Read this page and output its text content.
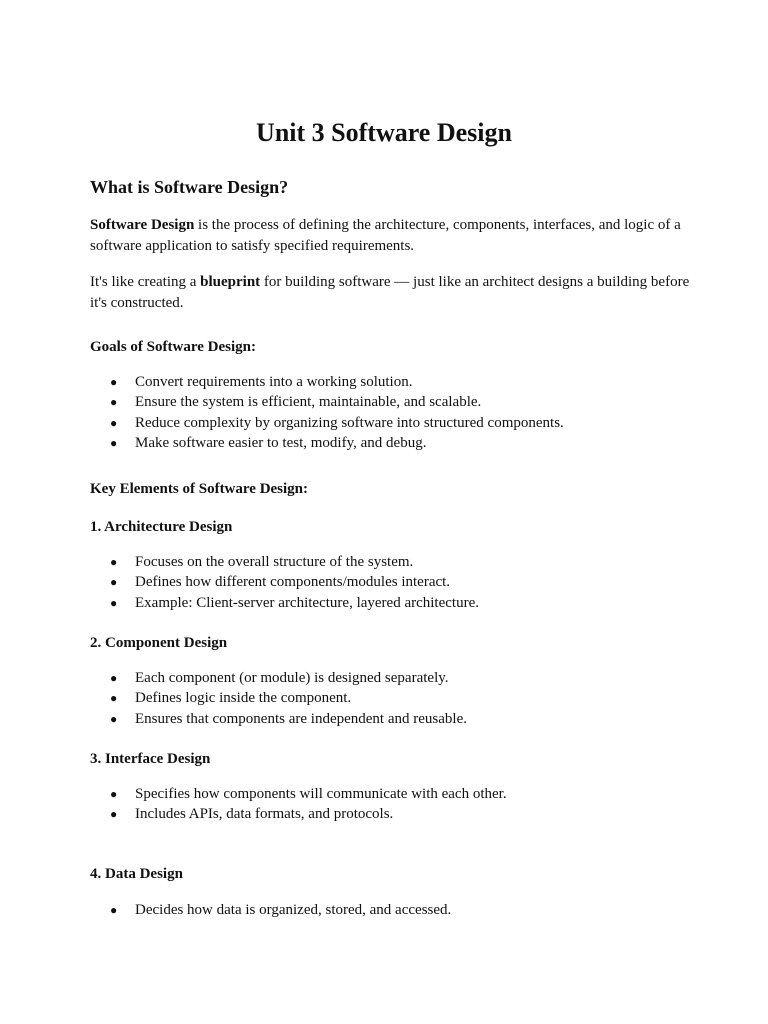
Unit 3 Software Design
What is Software Design?

Software Design is the process of defining the architecture, components, interfaces, and logic of a software application to satisfy specified requirements.

It's like creating a blueprint for building software — just like an architect designs a building before it's constructed.

Goals of Software Design:

● Convert requirements into a working solution.
● Ensure the system is efficient, maintainable, and scalable.
● Reduce complexity by organizing software into structured components.
● Make software easier to test, modify, and debug.

Key Elements of Software Design:

1. Architecture Design

● Focuses on the overall structure of the system.
● Defines how different components/modules interact.
● Example: Client-server architecture, layered architecture.

2. Component Design

● Each component (or module) is designed separately.
● Defines logic inside the component.
● Ensures that components are independent and reusable.

3. Interface Design

● Specifies how components will communicate with each other.
● Includes APIs, data formats, and protocols.

4. Data Design

● Decides how data is organized, stored, and accessed.
